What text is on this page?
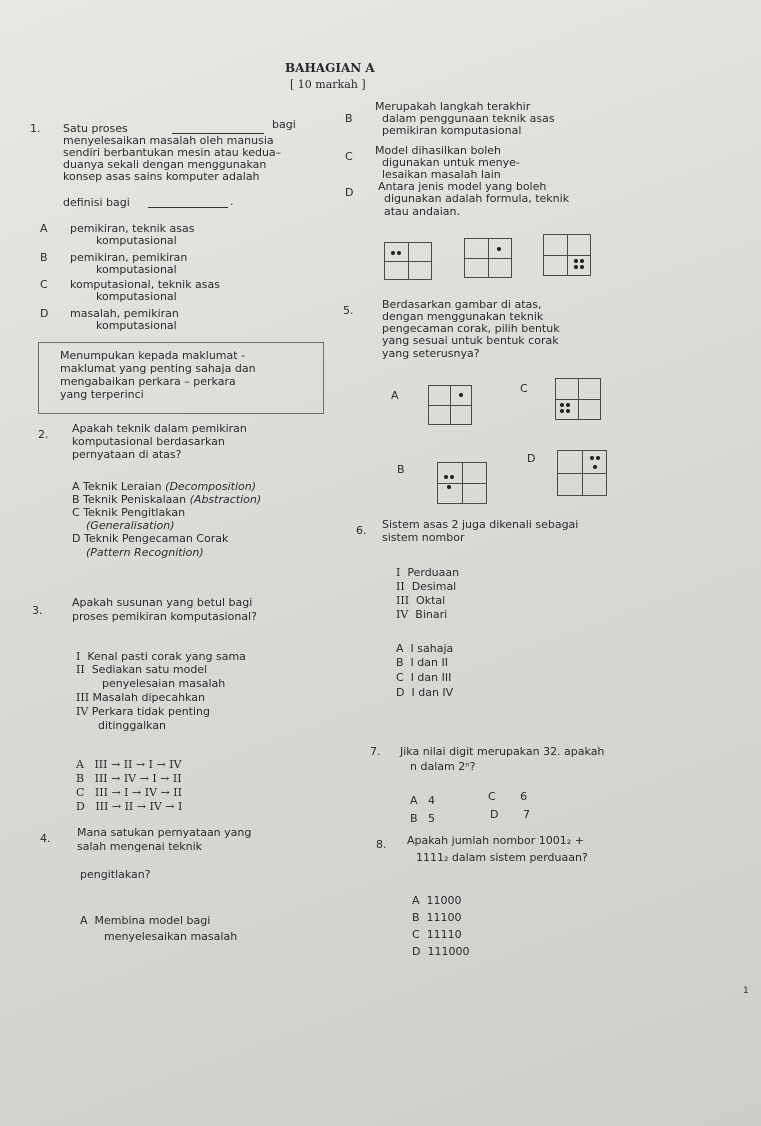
BAHAGIAN A
[ 10 markah ]
1. Satu proses	bagi
menyelesaikan masalah oleh manusia
sendiri berbantukan mesin atau kedua–
duanya sekali dengan menggunakan
konsep asas sains komputer adalah
definisi bagi	.
A pemikiran, teknik asas
komputasional
B pemikiran, pemikiran
komputasional
C komputasional, teknik asas
komputasional
D masalah, pemikiran
komputasional
B
Merupakah langkah terakhir
dalam penggunaan teknik asas
pemikiran komputasional
C Model dihasilkan boleh
digunakan untuk menye-
lesaikan masalah lain
D Antara jenis model yang boleh
digunakan adalah formula, teknik
atau andaian.
5.	Berdasarkan gambar di atas,
dengan menggunakan teknik
pengecaman corak, pilih bentuk
yang sesuai untuk bentuk corak
yang seterusnya?
A
C
B
D
Menumpukan kepada maklumat -
maklumat yang penting sahaja dan
mengabaikan perkara – perkara
yang terperinci
2. Apakah teknik dalam pemikiran
komputasional berdasarkan
pernyataan di atas?
A Teknik Leraian (Decomposition)
B Teknik Peniskalaan (Abstraction)
C Teknik Pengitlakan
(Generalisation)
D Teknik Pengecaman Corak
(Pattern Recognition)
6. Sistem asas 2 juga dikenali sebagai
sistem nombor
I Perduaan
II Desimal
III Oktal
IV Binari
A I sahaja
B I dan II
C I dan III
D I dan IV
3.
Apakah susunan yang betul bagi
proses pemikiran komputasional?
I Kenal pasti corak yang sama
II Sediakan satu model
penyelesaian masalah
III Masalah dipecahkan
IV Perkara tidak penting
ditinggalkan
A III → II → I → IV
B III → IV → I → II
C III → I → IV → II
D III → II → IV → I
7. Jika nilai digit merupakan 32. apakah
n dalam 2ⁿ?
A 4
B 5
C 6
D 7
4. Mana satukan pernyataan yang
salah mengenai teknik
pengitlakan?
A Membina model bagi
menyelesaikan masalah
8. Apakah jumlah nombor 1001₂ +
1111₂ dalam sistem perduaan?
A 11000
B 11100
C 11110
D 111000
1
